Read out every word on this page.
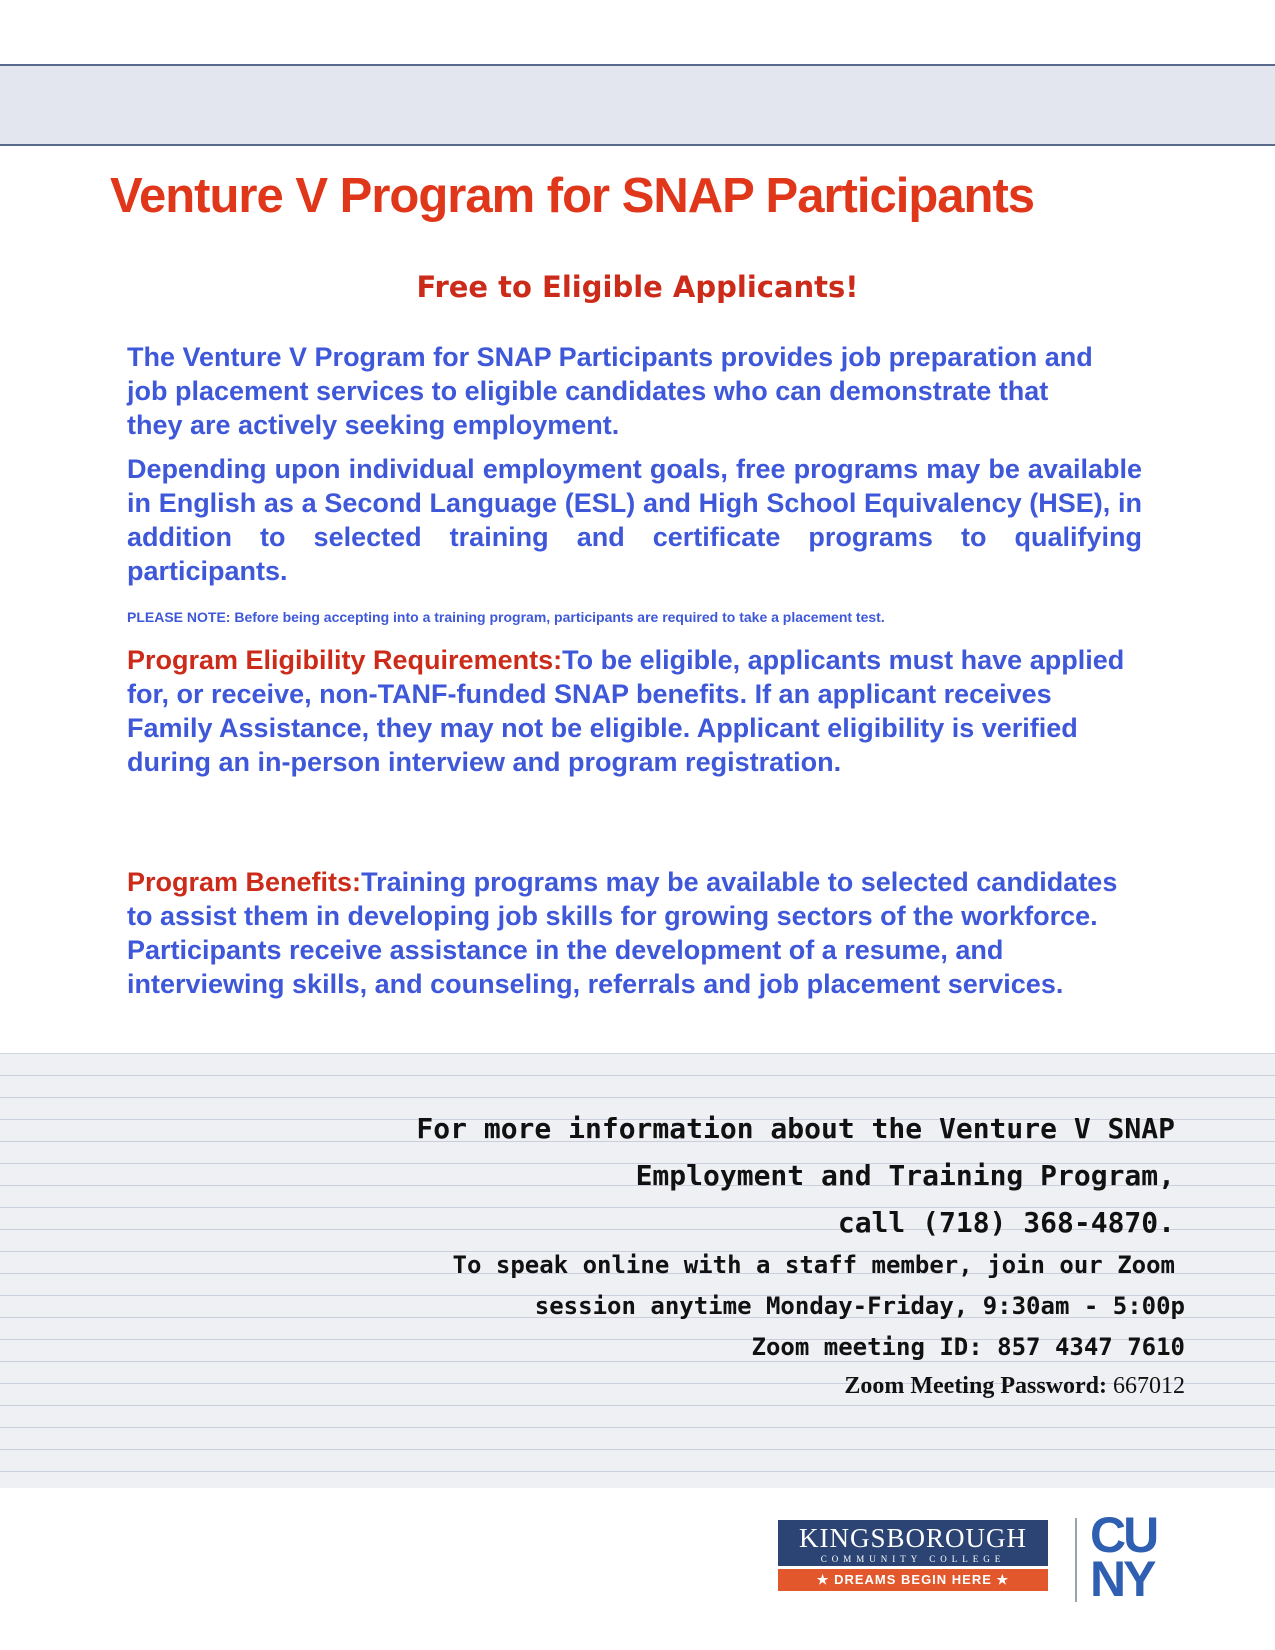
Venture V Program for SNAP Participants
Free to Eligible Applicants!

The Venture V Program for SNAP Participants provides job preparation and job placement services to eligible candidates who can demonstrate that they are actively seeking employment.

Depending upon individual employment goals, free programs may be available in English as a Second Language (ESL) and High School Equivalency (HSE), in addition to selected training and certificate programs to qualifying participants.

PLEASE NOTE: Before being accepting into a training program, participants are required to take a placement test.

Program Eligibility Requirements:To be eligible, applicants must have applied for, or receive, non-TANF-funded SNAP benefits. If an applicant receives Family Assistance, they may not be eligible. Applicant eligibility is verified during an in-person interview and program registration.

Program Benefits:Training programs may be available to selected candidates to assist them in developing job skills for growing sectors of the workforce. Participants receive assistance in the development of a resume, and interviewing skills, and counseling, referrals and job placement services.

For more information about the Venture V SNAP

Employment and Training Program,

call (718) 368-4870.

To speak online with a staff member, join our Zoom

session anytime Monday-Friday, 9:30am - 5:00p

Zoom meeting ID: 857 4347 7610

Zoom Meeting Password: 667012

KINGSBOROUGH
COMMUNITY COLLEGE
★ DREAMS BEGIN HERE ★
CU
NY
